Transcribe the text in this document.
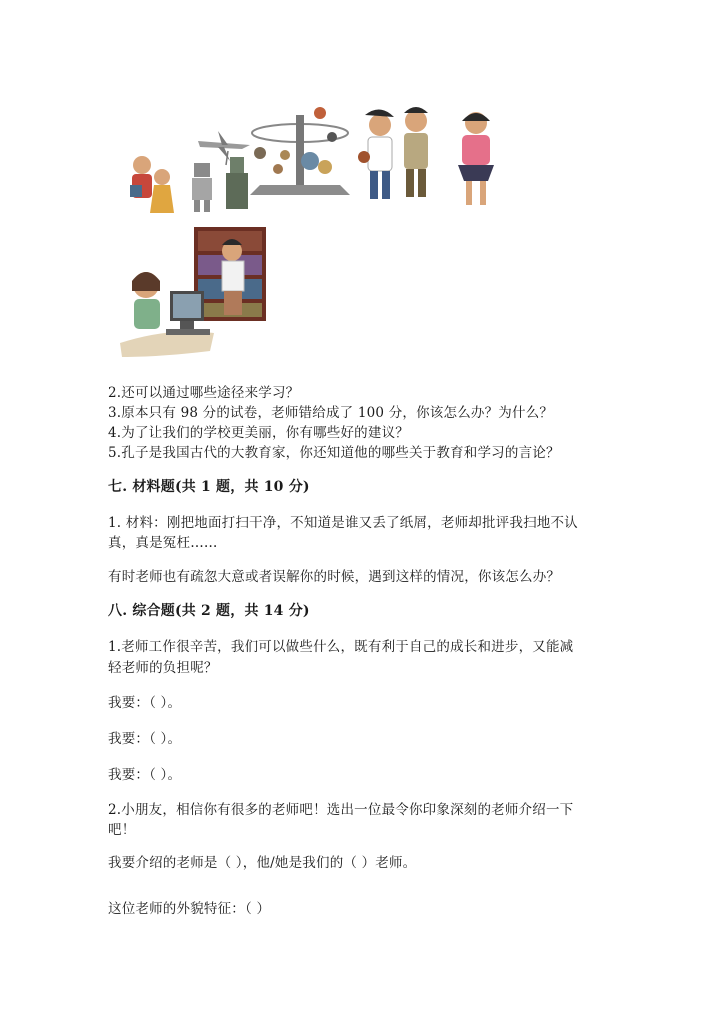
2.还可以通过哪些途径来学习？
3.原本只有 98 分的试卷，老师错给成了 100 分，你该怎么办？为什么？
4.为了让我们的学校更美丽，你有哪些好的建议？
5.孔子是我国古代的大教育家，你还知道他的哪些关于教育和学习的言论？
七. 材料题(共 1 题，共 10 分)
1. 材料：刚把地面打扫干净，不知道是谁又丢了纸屑，老师却批评我扫地不认
真，真是冤枉……
有时老师也有疏忽大意或者误解你的时候，遇到这样的情况，你该怎么办？
八. 综合题(共 2 题，共 14 分)
1.老师工作很辛苦，我们可以做些什么，既有利于自己的成长和进步，又能减
轻老师的负担呢？
我要：（ ）。
我要：（ ）。
我要：（ ）。
2.小朋友，相信你有很多的老师吧！选出一位最令你印象深刻的老师介绍一下
吧！
我要介绍的老师是（ ），他/她是我们的（ ）老师。
这位老师的外貌特征：（ ）
